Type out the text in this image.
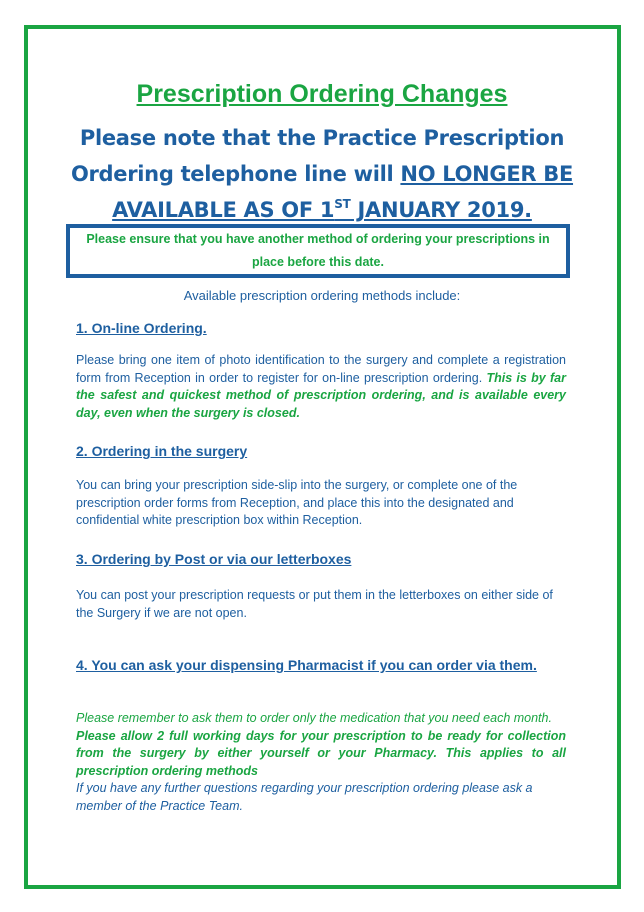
Prescription Ordering Changes
Please note that the Practice Prescription
Ordering telephone line will NO LONGER BE
AVAILABLE AS OF 1ST JANUARY 2019.
Please ensure that you have another method of ordering your prescriptions in place before this date.
Available prescription ordering methods include:
1. On-line Ordering.

Please bring one item of photo identification to the surgery and complete a registration form from Reception in order to register for on-line prescription ordering. This is by far the safest and quickest method of prescription ordering, and is available every day, even when the surgery is closed.

2. Ordering in the surgery

You can bring your prescription side-slip into the surgery, or complete one of the prescription order forms from Reception, and place this into the designated and confidential white prescription box within Reception.

3. Ordering by Post or via our letterboxes

You can post your prescription requests or put them in the letterboxes on either side of the Surgery if we are not open.

4. You can ask your dispensing Pharmacist if you can order via them.

Please remember to ask them to order only the medication that you need each month.

Please allow 2 full working days for your prescription to be ready for collection from the surgery by either yourself or your Pharmacy. This applies to all prescription ordering methods

If you have any further questions regarding your prescription ordering please ask a member of the Practice Team.
